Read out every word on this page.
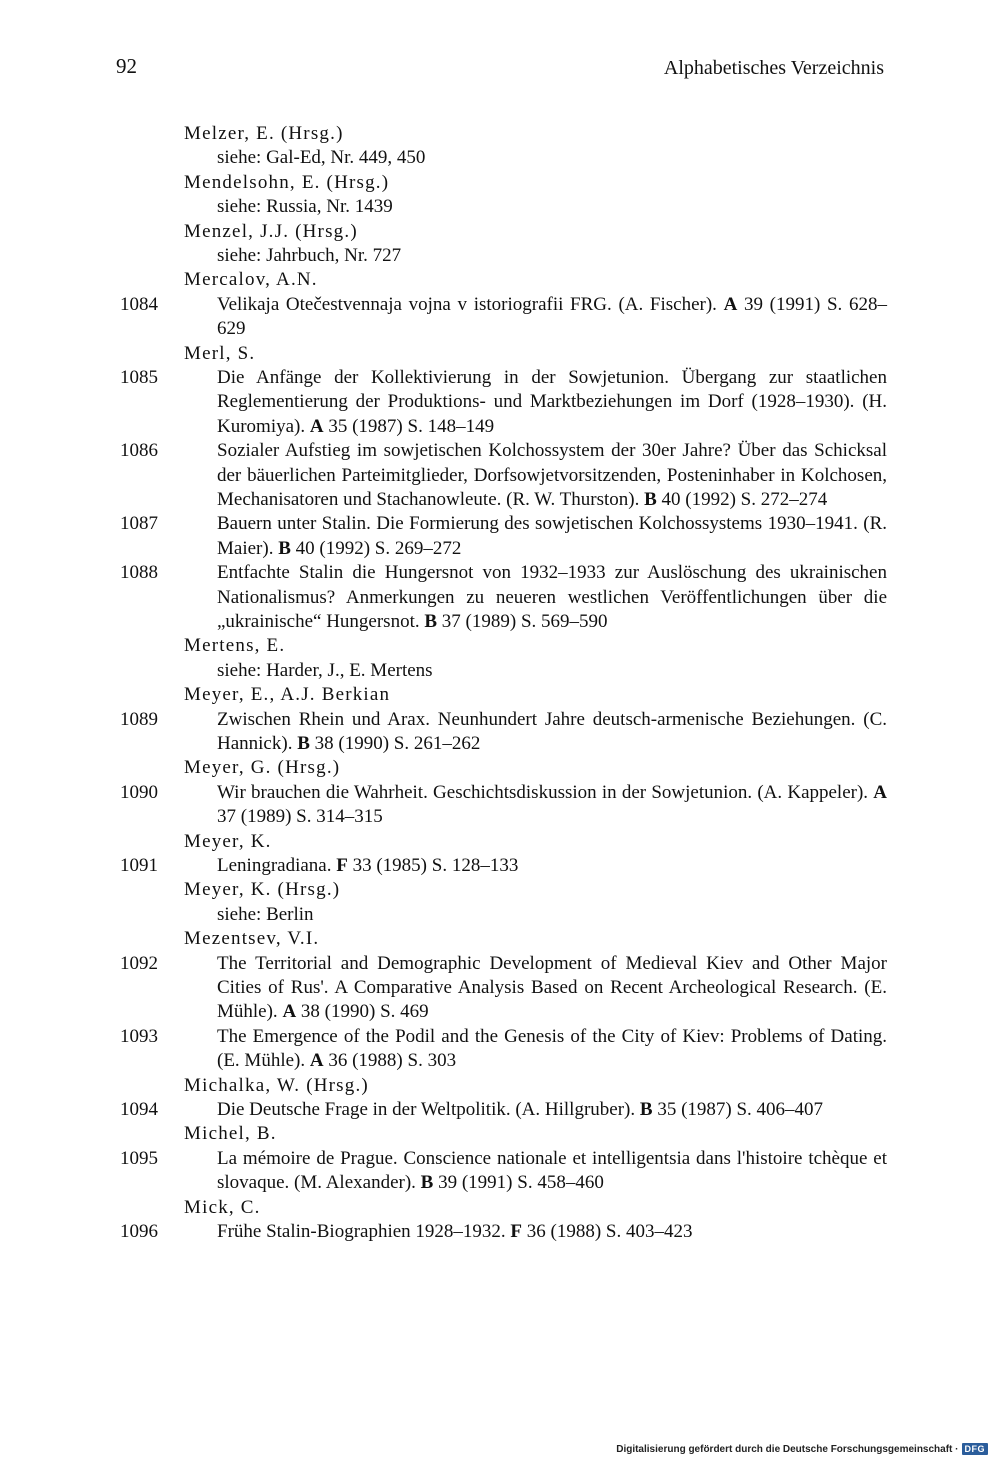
92	Alphabetisches Verzeichnis
Melzer, E. (Hrsg.)
siehe: Gal-Ed, Nr. 449, 450
Mendelsohn, E. (Hrsg.)
siehe: Russia, Nr. 1439
Menzel, J.J. (Hrsg.)
siehe: Jahrbuch, Nr. 727
Mercalov, A.N.
1084	Velikaja Otečestvennaja vojna v istoriografii FRG. (A. Fischer). A 39 (1991) S. 628–629
Merl, S.
1085	Die Anfänge der Kollektivierung in der Sowjetunion. Übergang zur staatlichen Reglementierung der Produktions- und Marktbeziehungen im Dorf (1928–1930). (H. Kuromiya). A 35 (1987) S. 148–149
1086	Sozialer Aufstieg im sowjetischen Kolchossystem der 30er Jahre? Über das Schicksal der bäuerlichen Parteimitglieder, Dorfsowjetvorsitzenden, Posteninhaber in Kolchosen, Mechanisatoren und Stachanowleute. (R. W. Thurston). B 40 (1992) S. 272–274
1087	Bauern unter Stalin. Die Formierung des sowjetischen Kolchossystems 1930–1941. (R. Maier). B 40 (1992) S. 269–272
1088	Entfachte Stalin die Hungersnot von 1932–1933 zur Auslöschung des ukrainischen Nationalismus? Anmerkungen zu neueren westlichen Veröffentlichungen über die „ukrainische“ Hungersnot. B 37 (1989) S. 569–590
Mertens, E.
siehe: Harder, J., E. Mertens
Meyer, E., A.J. Berkian
1089	Zwischen Rhein und Arax. Neunhundert Jahre deutsch-armenische Beziehungen. (C. Hannick). B 38 (1990) S. 261–262
Meyer, G. (Hrsg.)
1090	Wir brauchen die Wahrheit. Geschichtsdiskussion in der Sowjetunion. (A. Kappeler). A 37 (1989) S. 314–315
Meyer, K.
1091	Leningradiana. F 33 (1985) S. 128–133
Meyer, K. (Hrsg.)
siehe: Berlin
Mezentsev, V.I.
1092	The Territorial and Demographic Development of Medieval Kiev and Other Major Cities of Rus'. A Comparative Analysis Based on Recent Archeological Research. (E. Mühle). A 38 (1990) S. 469
1093	The Emergence of the Podil and the Genesis of the City of Kiev: Problems of Dating. (E. Mühle). A 36 (1988) S. 303
Michalka, W. (Hrsg.)
1094	Die Deutsche Frage in der Weltpolitik. (A. Hillgruber). B 35 (1987) S. 406–407
Michel, B.
1095	La mémoire de Prague. Conscience nationale et intelligentsia dans l'histoire tchèque et slovaque. (M. Alexander). B 39 (1991) S. 458–460
Mick, C.
1096	Frühe Stalin-Biographien 1928–1932. F 36 (1988) S. 403–423
Digitalisierung gefördert durch die Deutsche Forschungsgemeinschaft · DFG
